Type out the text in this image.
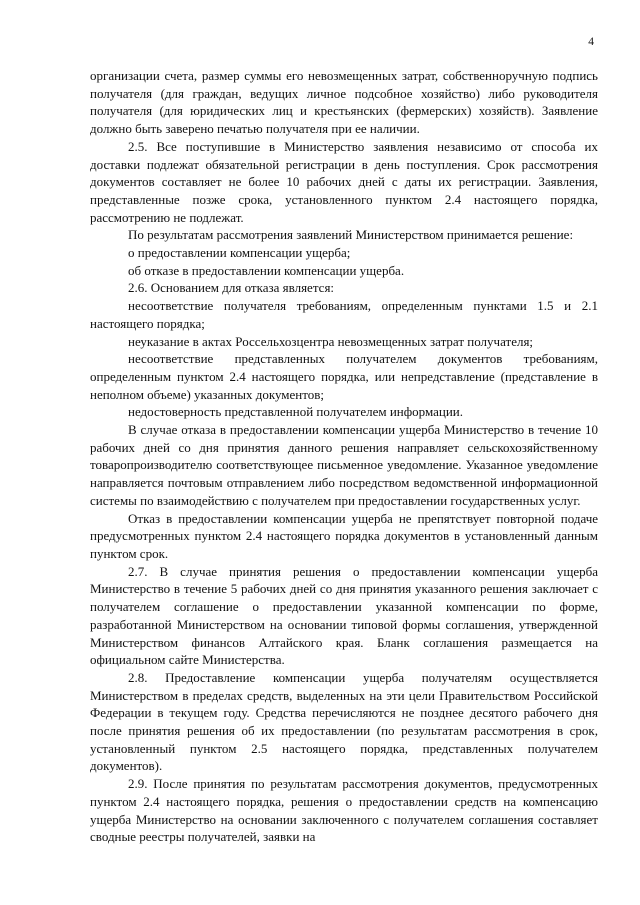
4

организации счета, размер суммы его невозмещенных затрат, собственноручную подпись получателя (для граждан, ведущих личное подсобное хозяйство) либо руководителя получателя (для юридических лиц и крестьянских (фермерских) хозяйств). Заявление должно быть заверено печатью получателя при ее наличии.

2.5. Все поступившие в Министерство заявления независимо от способа их доставки подлежат обязательной регистрации в день поступления. Срок рассмотрения документов составляет не более 10 рабочих дней с даты их регистрации. Заявления, представленные позже срока, установленного пунктом 2.4 настоящего порядка, рассмотрению не подлежат.

По результатам рассмотрения заявлений Министерством принимается решение:

о предоставлении компенсации ущерба;

об отказе в предоставлении компенсации ущерба.

2.6. Основанием для отказа является:

несоответствие получателя требованиям, определенным пунктами 1.5 и 2.1 настоящего порядка;

неуказание в актах Россельхозцентра невозмещенных затрат получателя;

несоответствие представленных получателем документов требованиям, определенным пунктом 2.4 настоящего порядка, или непредставление (представление в неполном объеме) указанных документов;

недостоверность представленной получателем информации.

В случае отказа в предоставлении компенсации ущерба Министерство в течение 10 рабочих дней со дня принятия данного решения направляет сельскохозяйственному товаропроизводителю соответствующее письменное уведомление. Указанное уведомление направляется почтовым отправлением либо посредством ведомственной информационной системы по взаимодействию с получателем при предоставлении государственных услуг.

Отказ в предоставлении компенсации ущерба не препятствует повторной подаче предусмотренных пунктом 2.4 настоящего порядка документов в установленный данным пунктом срок.

2.7. В случае принятия решения о предоставлении компенсации ущерба Министерство в течение 5 рабочих дней со дня принятия указанного решения заключает с получателем соглашение о предоставлении указанной компенсации по форме, разработанной Министерством на основании типовой формы соглашения, утвержденной Министерством финансов Алтайского края. Бланк соглашения размещается на официальном сайте Министерства.

2.8. Предоставление компенсации ущерба получателям осуществляется Министерством в пределах средств, выделенных на эти цели Правительством Российской Федерации в текущем году. Средства перечисляются не позднее десятого рабочего дня после принятия решения об их предоставлении (по результатам рассмотрения в срок, установленный пунктом 2.5 настоящего порядка, представленных получателем документов).

2.9. После принятия по результатам рассмотрения документов, предусмотренных пунктом 2.4 настоящего порядка, решения о предоставлении средств на компенсацию ущерба Министерство на основании заключенного с получателем соглашения составляет сводные реестры получателей, заявки на
